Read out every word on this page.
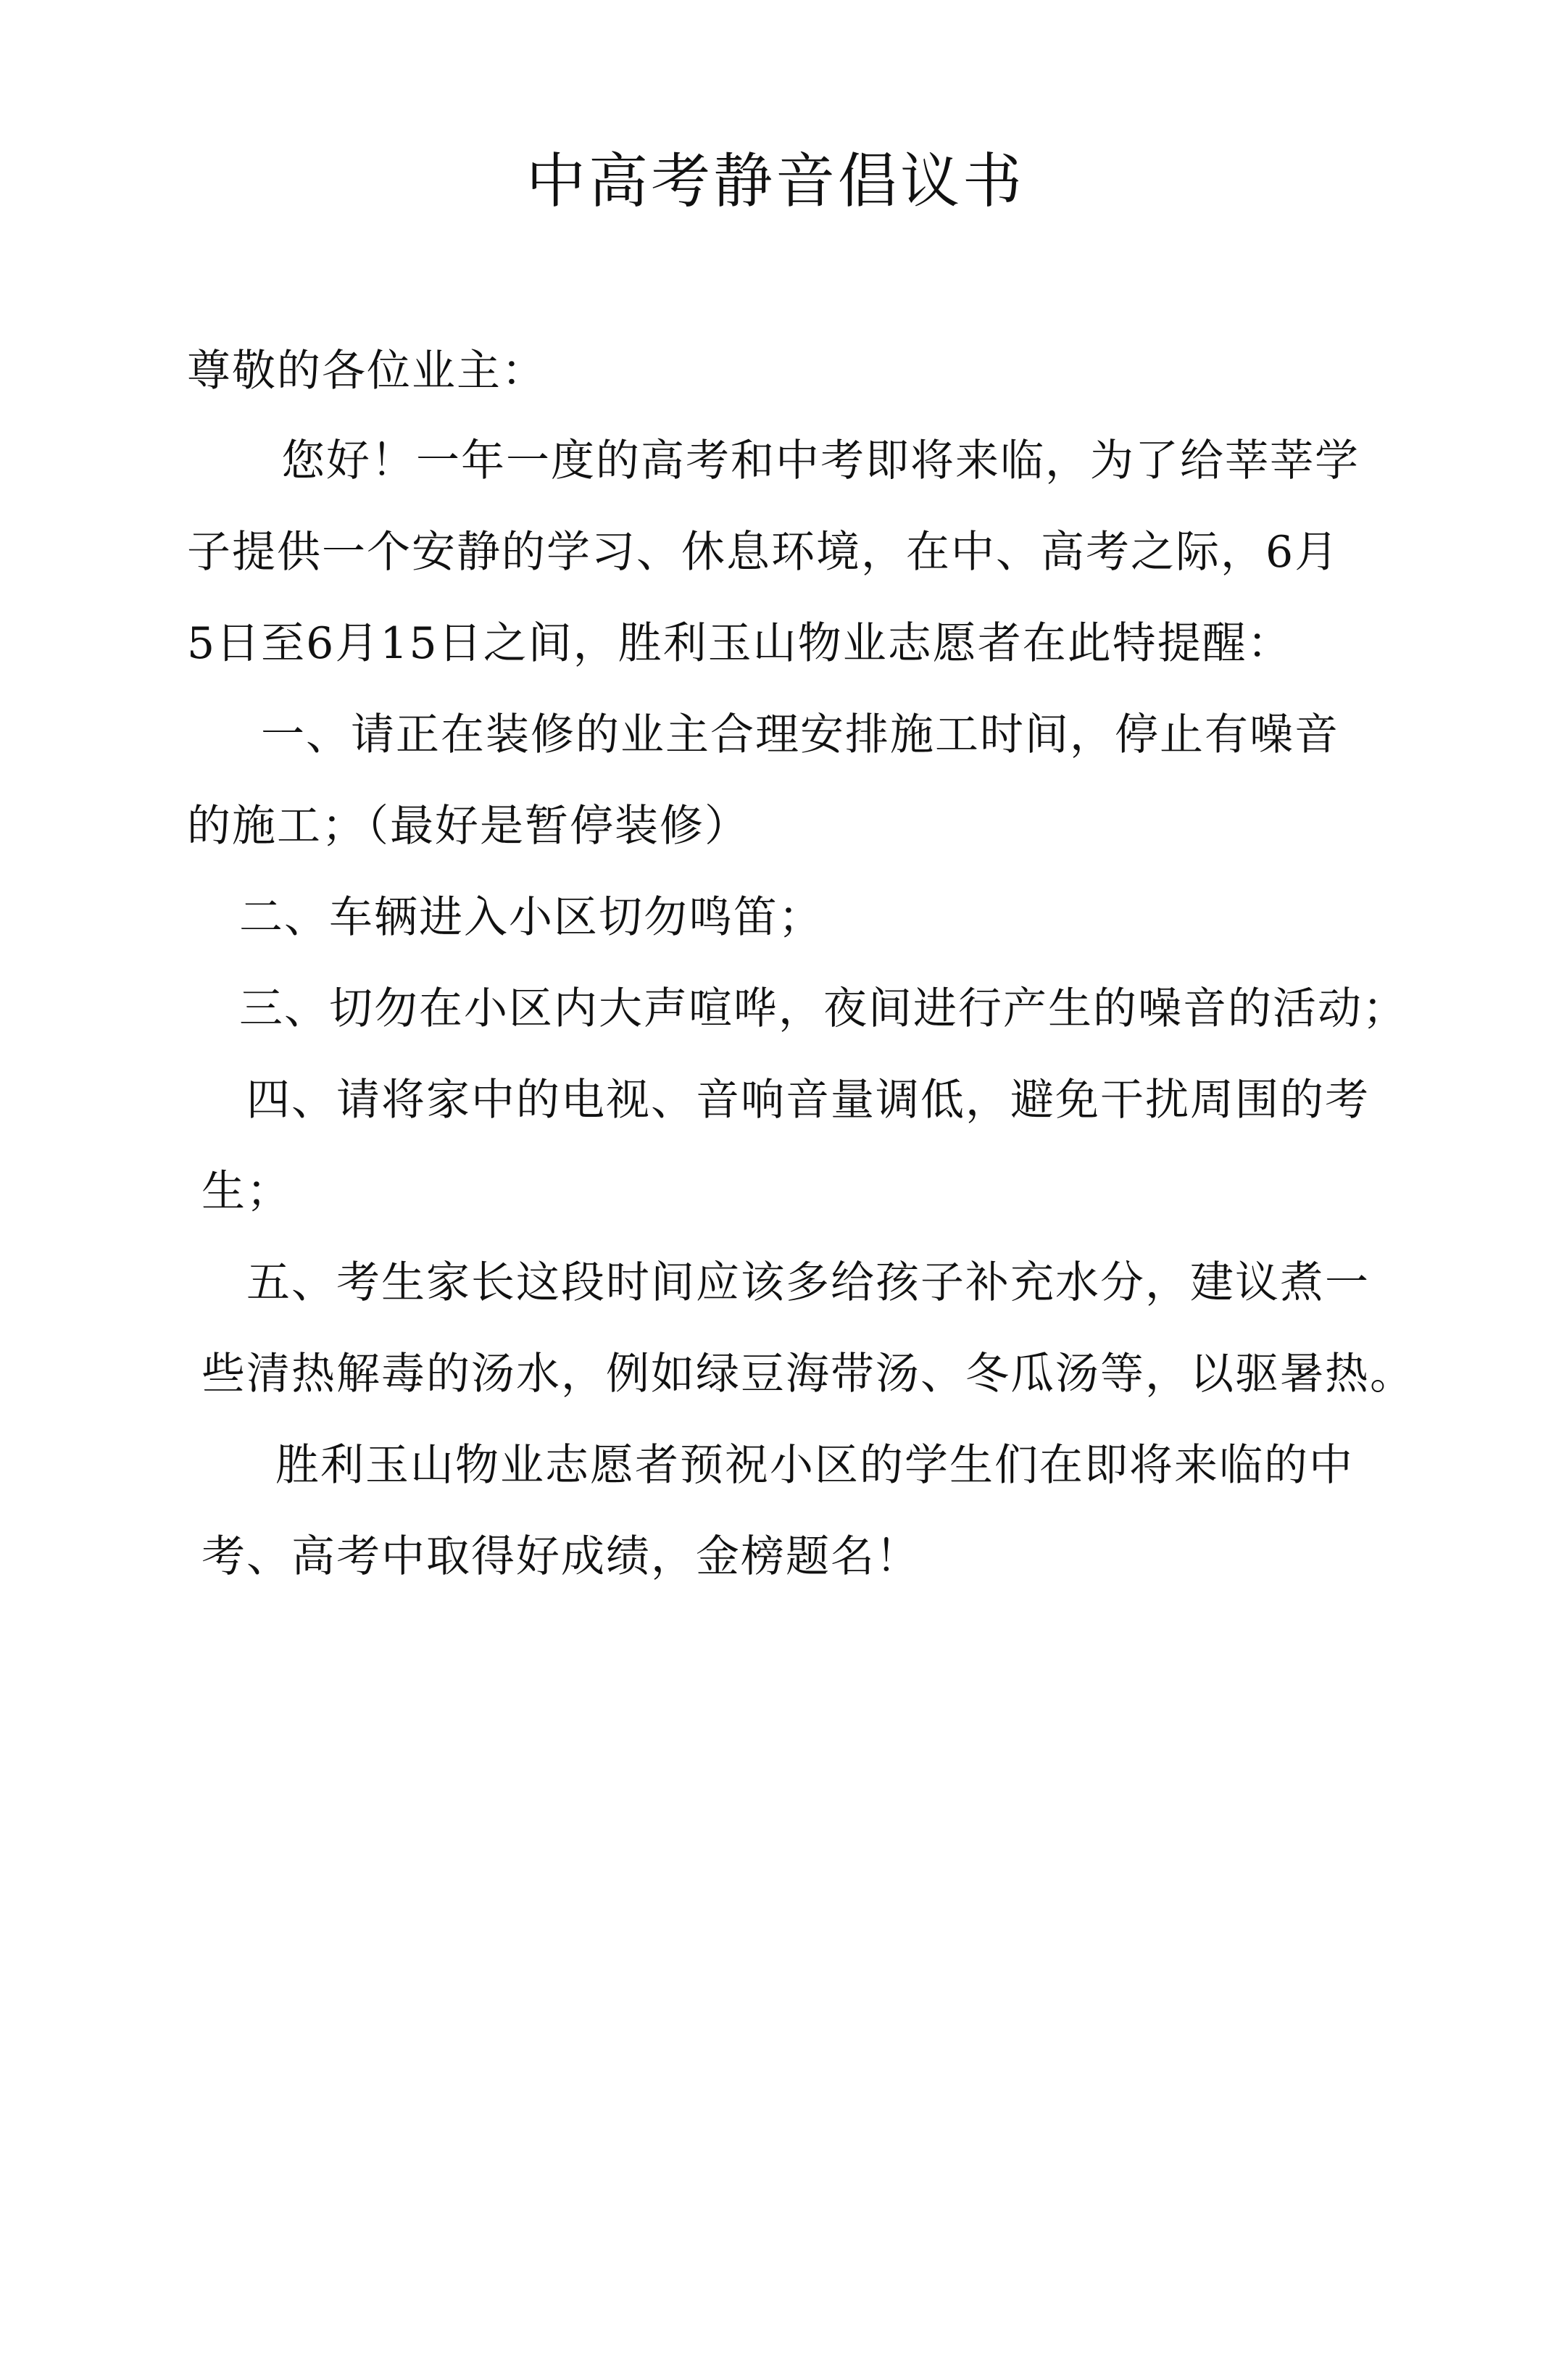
中高考静音倡议书
尊敬的各位业主：
您好！一年一度的高考和中考即将来临，为了给莘莘学
子提供一个安静的学习、休息环境，在中、高考之际，6月
5日至6月15日之间，胜利玉山物业志愿者在此特提醒：
一、请正在装修的业主合理安排施工时间，停止有噪音
的施工；（最好是暂停装修）
二、车辆进入小区切勿鸣笛；
三、切勿在小区内大声喧哗，夜间进行产生的噪音的活动；
四、请将家中的电视、音响音量调低，避免干扰周围的考
生；
五、考生家长这段时间应该多给孩子补充水分，建议煮一
些清热解毒的汤水，例如绿豆海带汤、冬瓜汤等，以驱暑热。
胜利玉山物业志愿者预祝小区的学生们在即将来临的中
考、高考中取得好成绩，金榜题名！
